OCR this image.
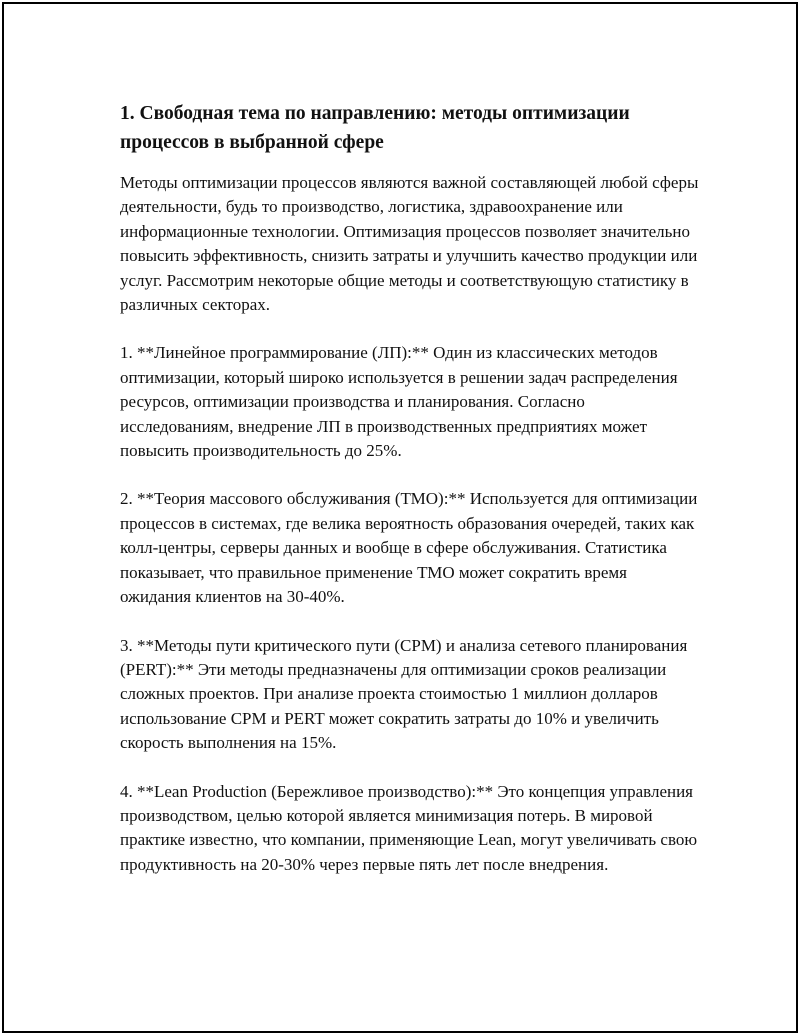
1. Свободная тема по направлению: методы оптимизации процессов в выбранной сфере

Методы оптимизации процессов являются важной составляющей любой сферы деятельности, будь то производство, логистика, здравоохранение или информационные технологии. Оптимизация процессов позволяет значительно повысить эффективность, снизить затраты и улучшить качество продукции или услуг. Рассмотрим некоторые общие методы и соответствующую статистику в различных секторах.

1. **Линейное программирование (ЛП):** Один из классических методов оптимизации, который широко используется в решении задач распределения ресурсов, оптимизации производства и планирования. Согласно исследованиям, внедрение ЛП в производственных предприятиях может повысить производительность до 25%.

2. **Теория массового обслуживания (ТМО):** Используется для оптимизации процессов в системах, где велика вероятность образования очередей, таких как колл-центры, серверы данных и вообще в сфере обслуживания. Статистика показывает, что правильное применение ТМО может сократить время ожидания клиентов на 30-40%.

3. **Методы пути критического пути (CPM) и анализа сетевого планирования (PERT):** Эти методы предназначены для оптимизации сроков реализации сложных проектов. При анализе проекта стоимостью 1 миллион долларов использование CPM и PERT может сократить затраты до 10% и увеличить скорость выполнения на 15%.

4. **Lean Production (Бережливое производство):** Это концепция управления производством, целью которой является минимизация потерь. В мировой практике известно, что компании, применяющие Lean, могут увеличивать свою продуктивность на 20-30% через первые пять лет после внедрения.
